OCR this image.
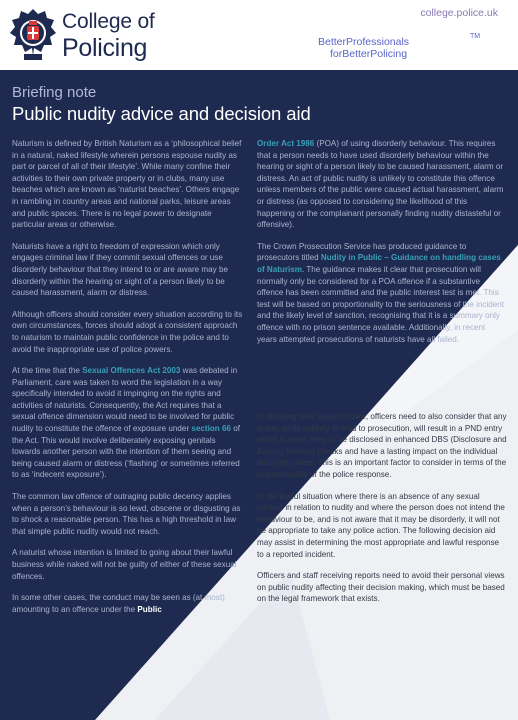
College of
Policing
college.police.uk
BetterProfessionals
forBetterPolicing
TM
Briefing note
Public nudity advice and decision aid

Naturism is defined by British Naturism as a ‘philosophical belief in a natural, naked lifestyle wherein persons espouse nudity as part or parcel of all of their lifestyle’. While many confine their activities to their own private property or in clubs, many use beaches which are known as ‘naturist beaches’. Others engage in rambling in country areas and national parks, leisure areas and public spaces. There is no legal power to designate particular areas or otherwise.

Naturists have a right to freedom of expression which only engages criminal law if they commit sexual offences or use disorderly behaviour that they intend to or are aware may be disorderly within the hearing or sight of a person likely to be caused harassment, alarm or distress.

Although officers should consider every situation according to its own circumstances, forces should adopt a consistent approach to naturism to maintain public confidence in the police and to avoid the inappropriate use of police powers.

At the time that the Sexual Offences Act 2003 was debated in Parliament, care was taken to word the legislation in a way specifically intended to avoid it impinging on the rights and activities of naturists. Consequently, the Act requires that a sexual offence dimension would need to be involved for public nudity to constitute the offence of exposure under section 66 of the Act. This would involve deliberately exposing genitals towards another person with the intention of them seeing and being caused alarm or distress (‘flashing’ or sometimes referred to as ‘indecent exposure’).

The common law offence of outraging public decency applies when a person’s behaviour is so lewd, obscene or disgusting as to shock a reasonable person. This has a high threshold in law that simple public nudity would not reach.

A naturist whose intention is limited to going about their lawful business while naked will not be guilty of either of these sexual offences.

In some other cases, the conduct may be seen as (at most) amounting to an offence under the Public

Order Act 1986 (POA) of using disorderly behaviour. This requires that a person needs to have used disorderly behaviour within the hearing or sight of a person likely to be caused harassment, alarm or distress. An act of public nudity is unlikely to constitute this offence unless members of the public were caused actual harassment, alarm or distress (as opposed to considering the likelihood of this happening or the complainant personally finding nudity distasteful or offensive).

The Crown Prosecution Service has produced guidance to prosecutors titled Nudity in Public – Guidance on handling cases of Naturism. The guidance makes it clear that prosecution will normally only be considered for a POA offence if a substantive offence has been committed and the public interest test is met. This test will be based on proportionality to the seriousness of the incident and the likely level of sanction, recognising that it is a summary only offence with no prison sentence available. Additionally, in recent years attempted prosecutions of naturists have all failed.

In deciding what action to take, officers need to also consider that any arrest, while unlikely to lead to prosecution, will result in a PND entry which is more likely to be disclosed in enhanced DBS (Disclosure and Barring Service) checks and have a lasting impact on the individual and their career. This is an important factor to consider in terms of the proportionality of the police response.

In the lawful situation where there is an absence of any sexual context in relation to nudity and where the person does not intend the behaviour to be, and is not aware that it may be disorderly, it will not be appropriate to take any police action. The following decision aid may assist in determining the most appropriate and lawful response to a reported incident.

Officers and staff receiving reports need to avoid their personal views on public nudity affecting their decision making, which must be based on the legal framework that exists.
